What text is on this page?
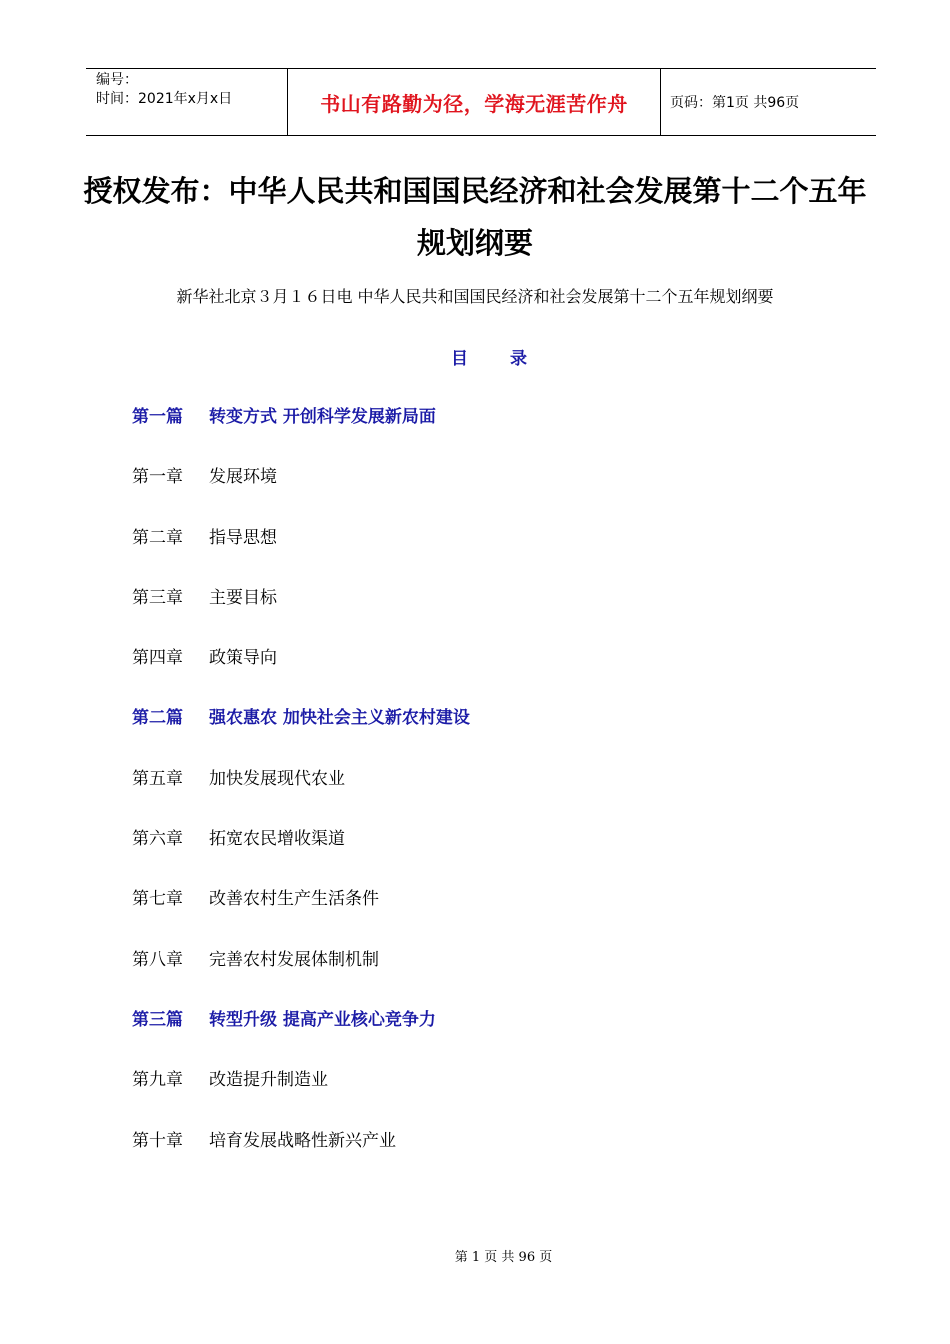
编号：
时间：2021年x月x日	书山有路勤为径，学海无涯苦作舟	页码：第1页 共96页
授权发布：中华人民共和国国民经济和社会发展第十二个五年规划纲要
新华社北京３月１６日电 中华人民共和国国民经济和社会发展第十二个五年规划纲要
目 录
第一篇	转变方式 开创科学发展新局面
第一章	发展环境
第二章	指导思想
第三章	主要目标
第四章	政策导向
第二篇	强农惠农 加快社会主义新农村建设
第五章	加快发展现代农业
第六章	拓宽农民增收渠道
第七章	改善农村生产生活条件
第八章	完善农村发展体制机制
第三篇	转型升级 提高产业核心竞争力
第九章	改造提升制造业
第十章	培育发展战略性新兴产业
第 1 页 共 96 页
